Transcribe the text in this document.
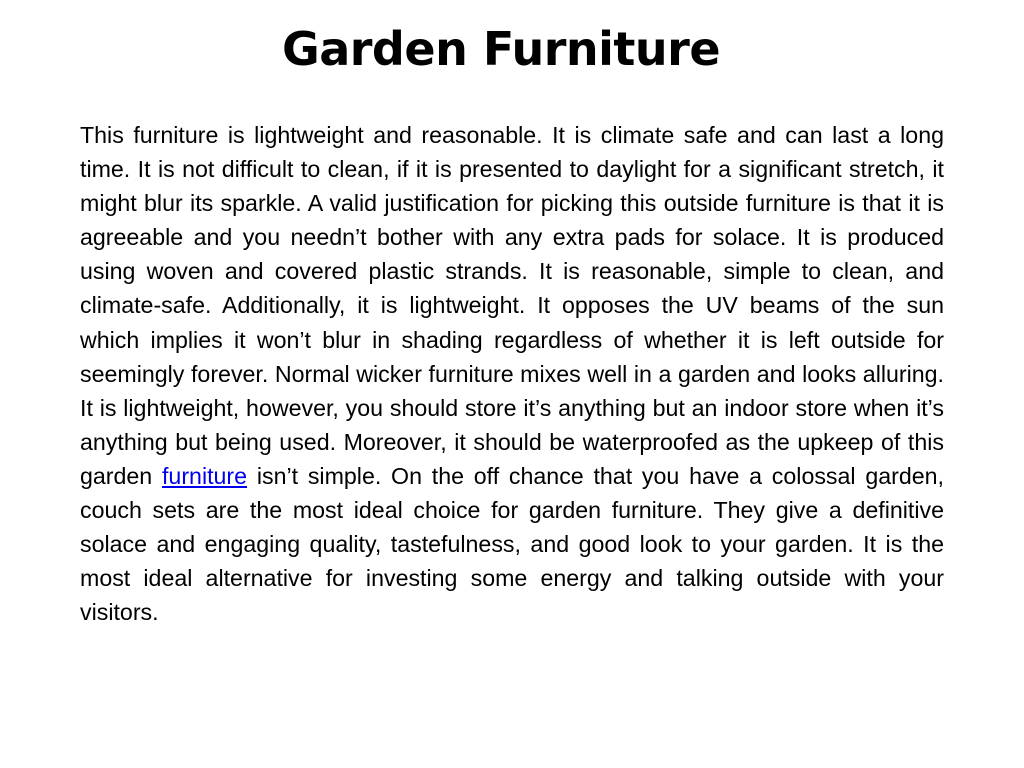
Garden Furniture

This furniture is lightweight and reasonable. It is climate safe and can last a long time. It is not difficult to clean, if it is presented to daylight for a significant stretch, it might blur its sparkle. A valid justification for picking this outside furniture is that it is agreeable and you needn’t bother with any extra pads for solace. It is produced using woven and covered plastic strands. It is reasonable, simple to clean, and climate-safe. Additionally, it is lightweight. It opposes the UV beams of the sun which implies it won’t blur in shading regardless of whether it is left outside for seemingly forever. Normal wicker furniture mixes well in a garden and looks alluring. It is lightweight, however, you should store it’s anything but an indoor store when it’s anything but being used. Moreover, it should be waterproofed as the upkeep of this garden furniture isn’t simple. On the off chance that you have a colossal garden, couch sets are the most ideal choice for garden furniture. They give a definitive solace and engaging quality, tastefulness, and good look to your garden. It is the most ideal alternative for investing some energy and talking outside with your visitors.
